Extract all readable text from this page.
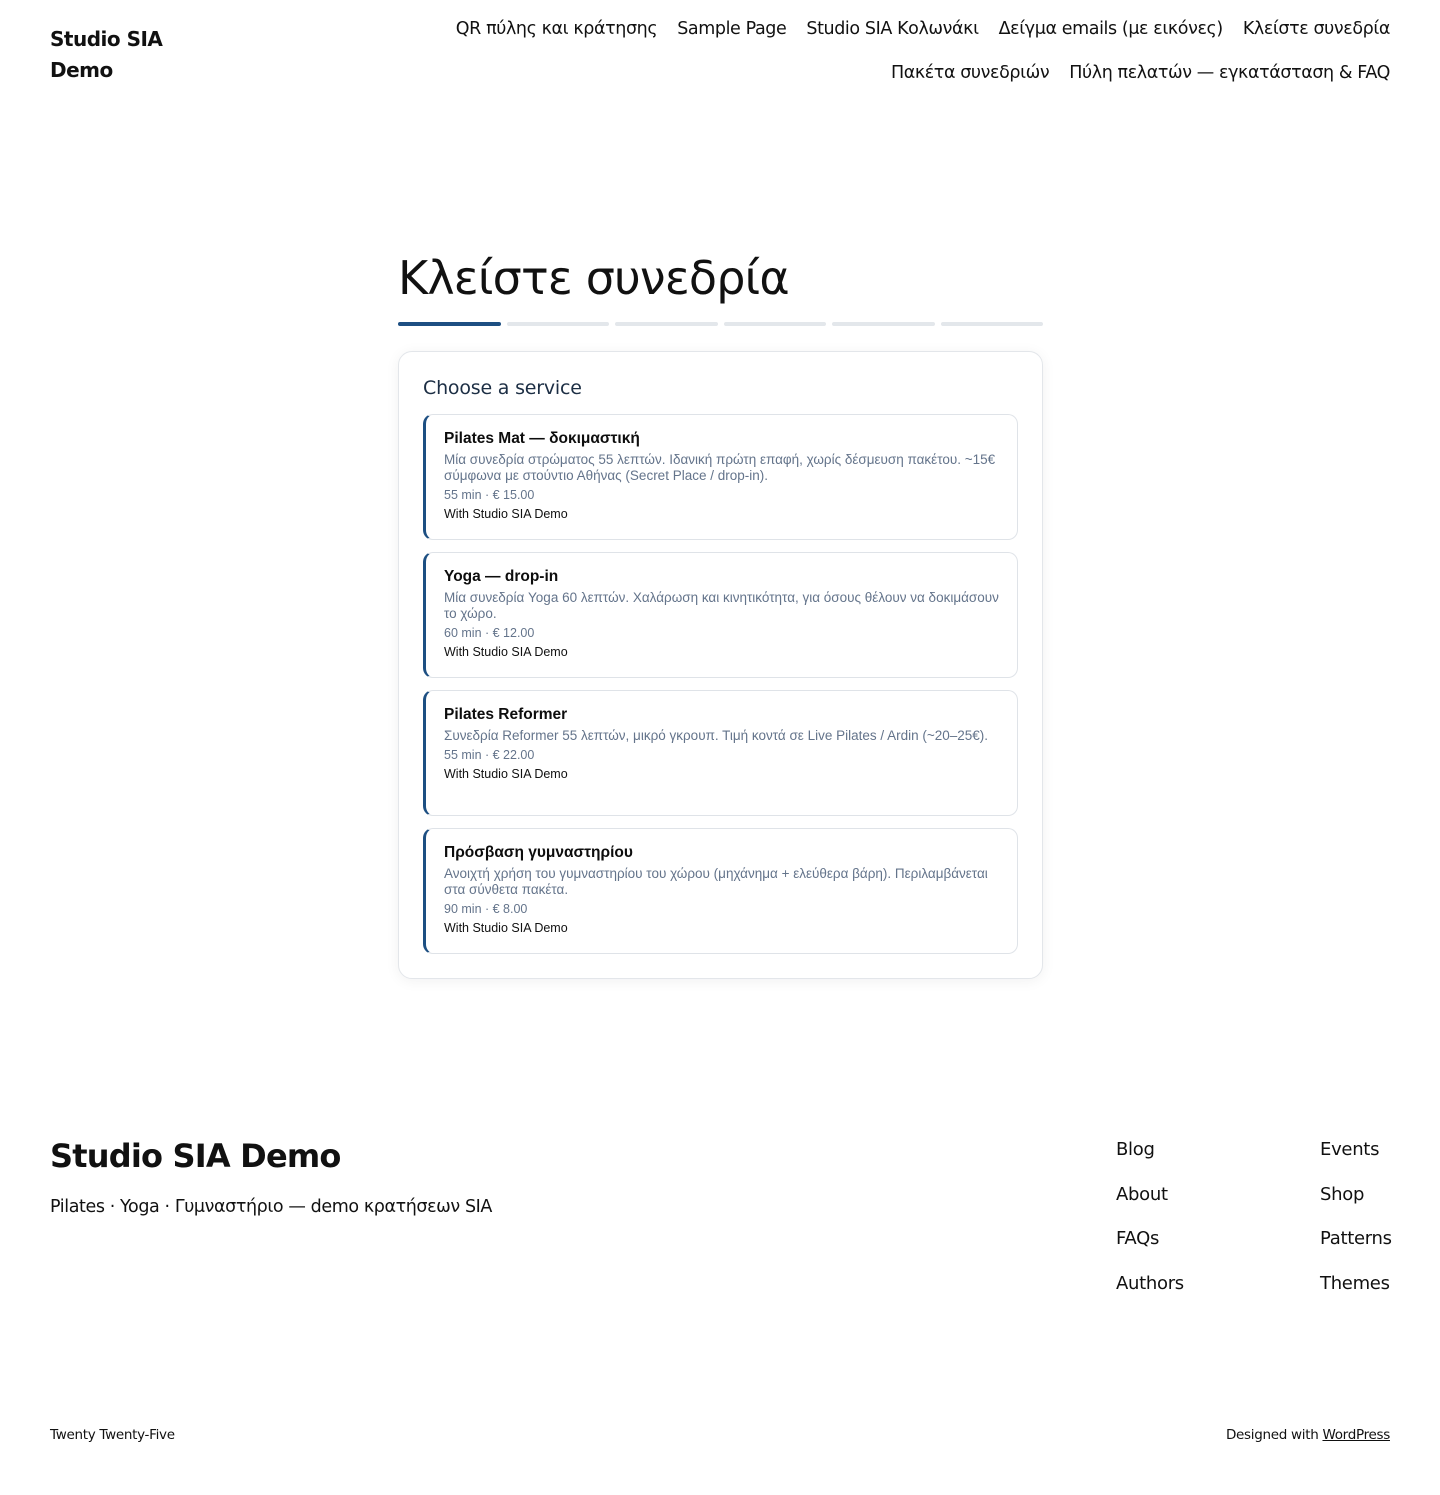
Studio SIA Demo
QR πύλης και κράτησης Sample Page Studio SIA Κολωνάκι Δείγμα emails (με εικόνες) Κλείστε συνεδρία
Πακέτα συνεδριών Πύλη πελατών — εγκατάσταση & FAQ
Κλείστε συνεδρία
Choose a service
Pilates Mat — δοκιμαστική
Μία συνεδρία στρώματος 55 λεπτών. Ιδανική πρώτη επαφή, χωρίς δέσμευση πακέτου. ~15€ σύμφωνα με στούντιο Αθήνας (Secret Place / drop-in).
55 min · € 15.00
With Studio SIA Demo
Yoga — drop-in
Μία συνεδρία Yoga 60 λεπτών. Χαλάρωση και κινητικότητα, για όσους θέλουν να δοκιμάσουν το χώρο.
60 min · € 12.00
With Studio SIA Demo
Pilates Reformer
Συνεδρία Reformer 55 λεπτών, μικρό γκρουπ. Τιμή κοντά σε Live Pilates / Ardin (~20–25€).
55 min · € 22.00
With Studio SIA Demo
Πρόσβαση γυμναστηρίου
Ανοιχτή χρήση του γυμναστηρίου του χώρου (μηχάνημα + ελεύθερα βάρη). Περιλαμβάνεται στα σύνθετα πακέτα.
90 min · € 8.00
With Studio SIA Demo
Studio SIA Demo
Pilates · Yoga · Γυμναστήριο — demo κρατήσεων SIA
Blog
About
FAQs
Authors
Events
Shop
Patterns
Themes
Twenty Twenty-Five	Designed with WordPress
